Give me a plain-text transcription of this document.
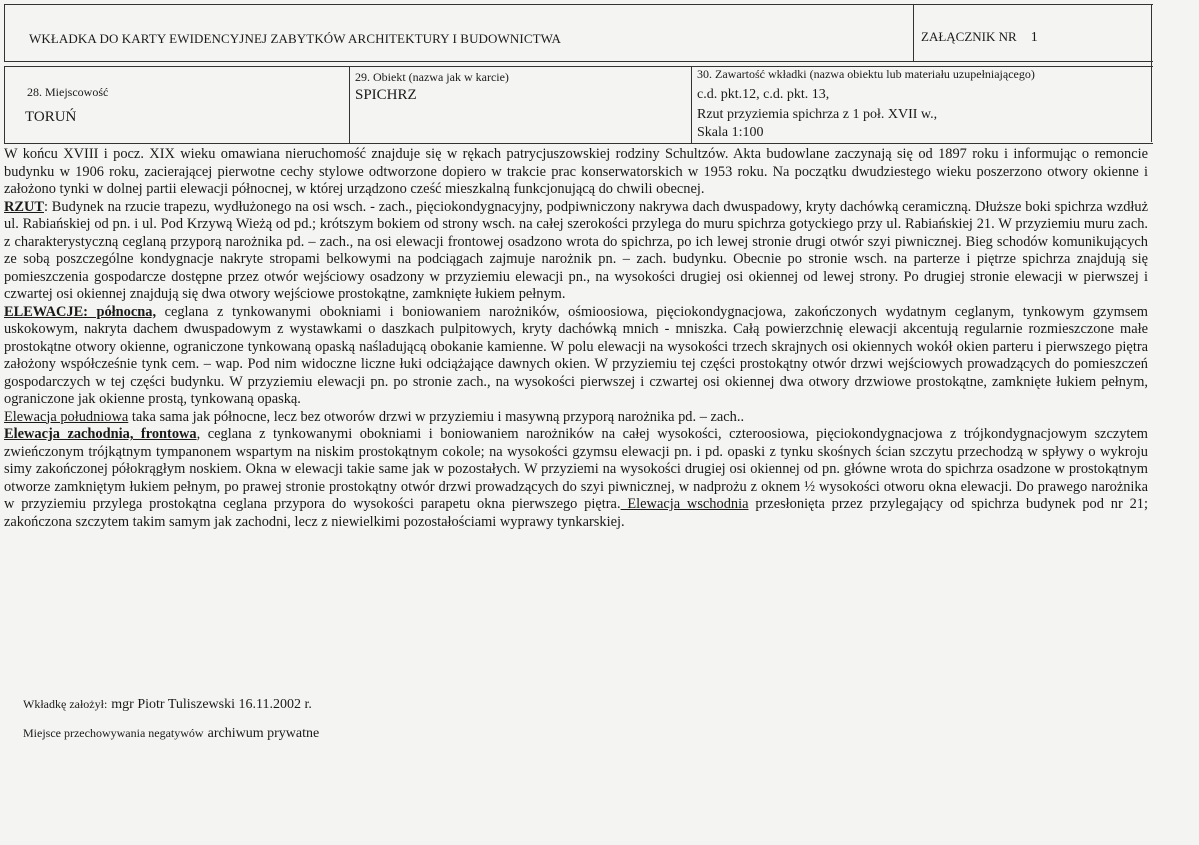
WKŁADKA DO KARTY EWIDENCYJNEJ ZABYTKÓW ARCHITEKTURY I BUDOWNICTWA	ZAŁĄCZNIK NR 1
28. Miejscowość
TORUŃ
29. Obiekt (nazwa jak w karcie)
SPICHRZ
30. Zawartość wkładki (nazwa obiektu lub materiału uzupełniającego)
c.d. pkt.12, c.d. pkt. 13,
Rzut przyziemia spichrza z 1 poł. XVII w.,
Skala 1:100

W końcu XVIII i pocz. XIX wieku omawiana nieruchomość znajduje się w rękach patrycjuszowskiej rodziny Schultzów. Akta budowlane zaczynają się od 1897 roku i informując o remoncie budynku w 1906 roku, zacierającej pierwotne cechy stylowe odtworzone dopiero w trakcie prac konserwatorskich w 1953 roku. Na początku dwudziestego wieku poszerzono otwory okienne i założono tynki w dolnej partii elewacji północnej, w której urządzono cześć mieszkalną funkcjonującą do chwili obecnej.

RZUT: Budynek na rzucie trapezu, wydłużonego na osi wsch. - zach., pięciokondygnacyjny, podpiwniczony nakrywa dach dwuspadowy, kryty dachówką ceramiczną. Dłuższe boki spichrza wzdłuż ul. Rabiańskiej od pn. i ul. Pod Krzywą Wieżą od pd.; krótszym bokiem od strony wsch. na całej szerokości przylega do muru spichrza gotyckiego przy ul. Rabiańskiej 21. W przyziemiu muru zach. z charakterystyczną ceglaną przyporą narożnika pd. – zach., na osi elewacji frontowej osadzono wrota do spichrza, po ich lewej stronie drugi otwór szyi piwnicznej. Bieg schodów komunikujących ze sobą poszczególne kondygnacje nakryte stropami belkowymi na podciągach zajmuje narożnik pn. – zach. budynku. Obecnie po stronie wsch. na parterze i piętrze spichrza znajdują się pomieszczenia gospodarcze dostępne przez otwór wejściowy osadzony w przyziemiu elewacji pn., na wysokości drugiej osi okiennej od lewej strony. Po drugiej stronie elewacji w pierwszej i czwartej osi okiennej znajdują się dwa otwory wejściowe prostokątne, zamknięte łukiem pełnym.

ELEWACJE: północna, ceglana z tynkowanymi obokniami i boniowaniem narożników, ośmioosiowa, pięciokondygnacjowa, zakończonych wydatnym ceglanym, tynkowym gzymsem uskokowym, nakryta dachem dwuspadowym z wystawkami o daszkach pulpitowych, kryty dachówką mnich - mniszka. Całą powierzchnię elewacji akcentują regularnie rozmieszczone małe prostokątne otwory okienne, ograniczone tynkowaną opaską naśladującą obokanie kamienne. W polu elewacji na wysokości trzech skrajnych osi okiennych wokół okien parteru i pierwszego piętra założony współcześnie tynk cem. – wap. Pod nim widoczne liczne łuki odciążające dawnych okien. W przyziemiu tej części prostokątny otwór drzwi wejściowych prowadzących do pomieszczeń gospodarczych w tej części budynku. W przyziemiu elewacji pn. po stronie zach., na wysokości pierwszej i czwartej osi okiennej dwa otwory drzwiowe prostokątne, zamknięte łukiem pełnym, ograniczone jak okienne prostą, tynkowaną opaską.

Elewacja południowa taka sama jak północne, lecz bez otworów drzwi w przyziemiu i masywną przyporą narożnika pd. – zach..

Elewacja zachodnia, frontowa, ceglana z tynkowanymi obokniami i boniowaniem narożników na całej wysokości, czteroosiowa, pięciokondygnacjowa z trójkondygnacjowym szczytem zwieńczonym trójkątnym tympanonem wspartym na niskim prostokątnym cokole; na wysokości gzymsu elewacji pn. i pd. opaski z tynku skośnych ścian szczytu przechodzą w spływy o wykroju simy zakończonej półokrągłym noskiem. Okna w elewacji takie same jak w pozostałych. W przyziemi na wysokości drugiej osi okiennej od pn. główne wrota do spichrza osadzone w prostokątnym otworze zamkniętym łukiem pełnym, po prawej stronie prostokątny otwór drzwi prowadzących do szyi piwnicznej, w nadprożu z oknem ½ wysokości otworu okna elewacji. Do prawego narożnika w przyziemiu przylega prostokątna ceglana przypora do wysokości parapetu okna pierwszego piętra. Elewacja wschodnia przesłonięta przez przylegający od spichrza budynek pod nr 21; zakończona szczytem takim samym jak zachodni, lecz z niewielkimi pozostałościami wyprawy tynkarskiej.

Wkładkę założył: mgr Piotr Tuliszewski 16.11.2002 r.
Miejsce przechowywania negatywów archiwum prywatne
